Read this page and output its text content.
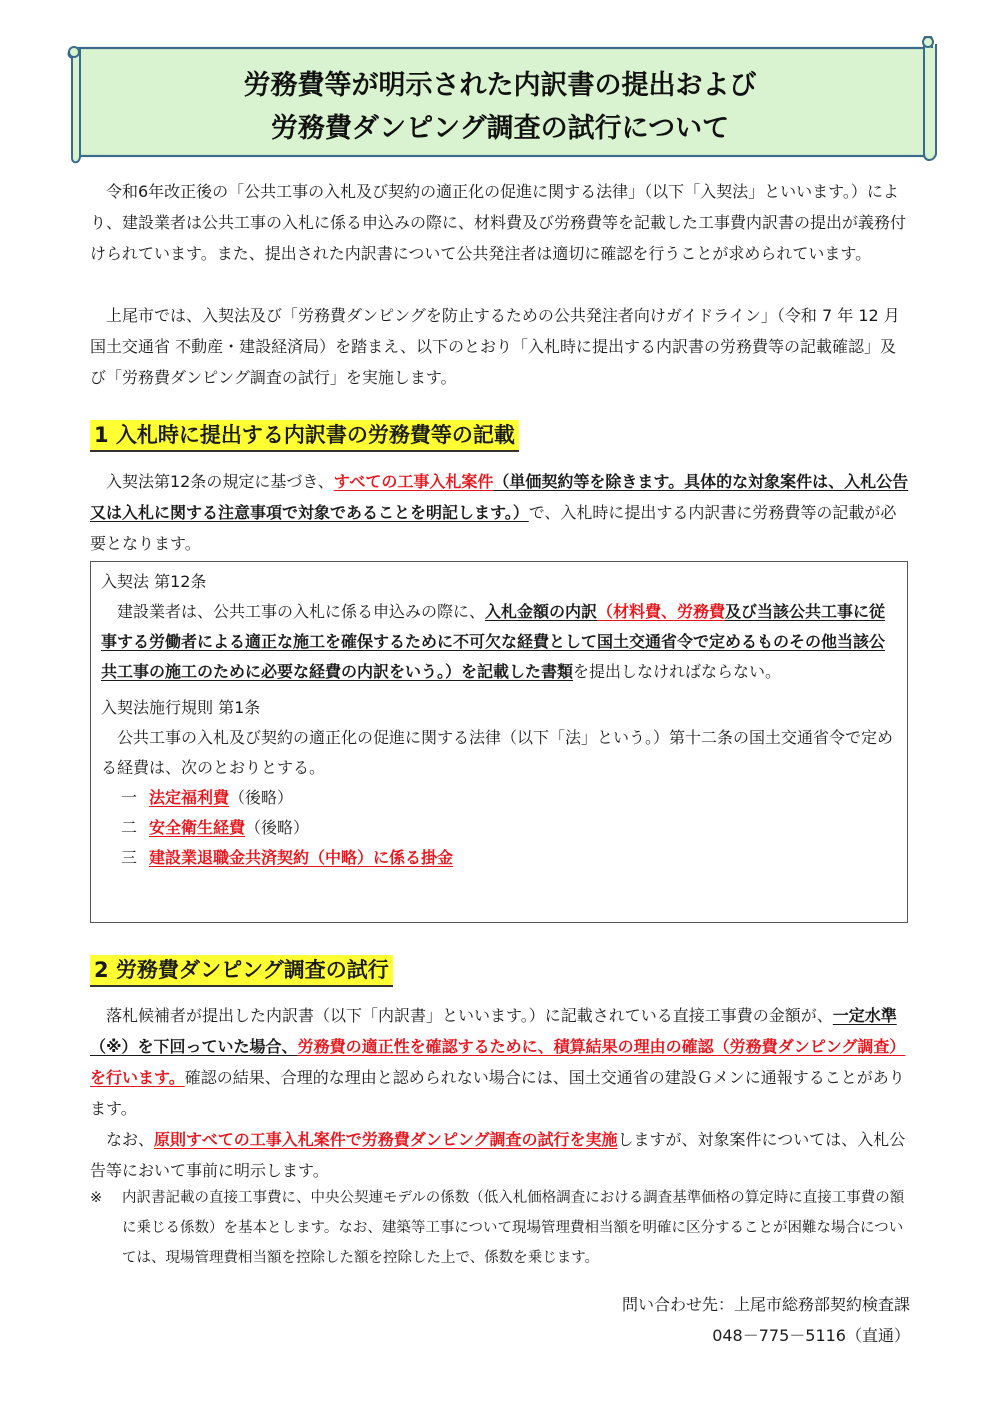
労務費等が明示された内訳書の提出および
労務費ダンピング調査の試行について

令和6年改正後の「公共工事の入札及び契約の適正化の促進に関する法律」（以下「入契法」といいます。）により、建設業者は公共工事の入札に係る申込みの際に、材料費及び労務費等を記載した工事費内訳書の提出が義務付けられています。また、提出された内訳書について公共発注者は適切に確認を行うことが求められています。

上尾市では、入契法及び「労務費ダンピングを防止するための公共発注者向けガイドライン」（令和 7 年 12 月 国土交通省 不動産・建設経済局）を踏まえ、以下のとおり「入札時に提出する内訳書の労務費等の記載確認」及び「労務費ダンピング調査の試行」を実施します。

1 入札時に提出する内訳書の労務費等の記載

入契法第12条の規定に基づき、すべての工事入札案件（単価契約等を除きます。具体的な対象案件は、入札公告又は入札に関する注意事項で対象であることを明記します。）で、入札時に提出する内訳書に労務費等の記載が必要となります。

入契法 第12条

建設業者は、公共工事の入札に係る申込みの際に、入札金額の内訳（材料費、労務費及び当該公共工事に従事する労働者による適正な施工を確保するために不可欠な経費として国土交通省令で定めるものその他当該公共工事の施工のために必要な経費の内訳をいう。）を記載した書類を提出しなければならない。

入契法施行規則 第1条

公共工事の入札及び契約の適正化の促進に関する法律（以下「法」という。）第十二条の国土交通省令で定める経費は、次のとおりとする。

一 法定福利費（後略）
二 安全衛生経費（後略）
三 建設業退職金共済契約（中略）に係る掛金
2 労務費ダンピング調査の試行

落札候補者が提出した内訳書（以下「内訳書」といいます。）に記載されている直接工事費の金額が、一定水準（※）を下回っていた場合、労務費の適正性を確認するために、積算結果の理由の確認（労務費ダンピング調査）を行います。確認の結果、合理的な理由と認められない場合には、国土交通省の建設Ｇメンに通報することがあります。

なお、原則すべての工事入札案件で労務費ダンピング調査の試行を実施しますが、対象案件については、入札公告等において事前に明示します。

※ 内訳書記載の直接工事費に、中央公契連モデルの係数（低入札価格調査における調査基準価格の算定時に直接工事費の額に乗じる係数）を基本とします。なお、建築等工事について現場管理費相当額を明確に区分することが困難な場合については、現場管理費相当額を控除した額を控除した上で、係数を乗じます。

問い合わせ先：上尾市総務部契約検査課
048－775－5116（直通）
